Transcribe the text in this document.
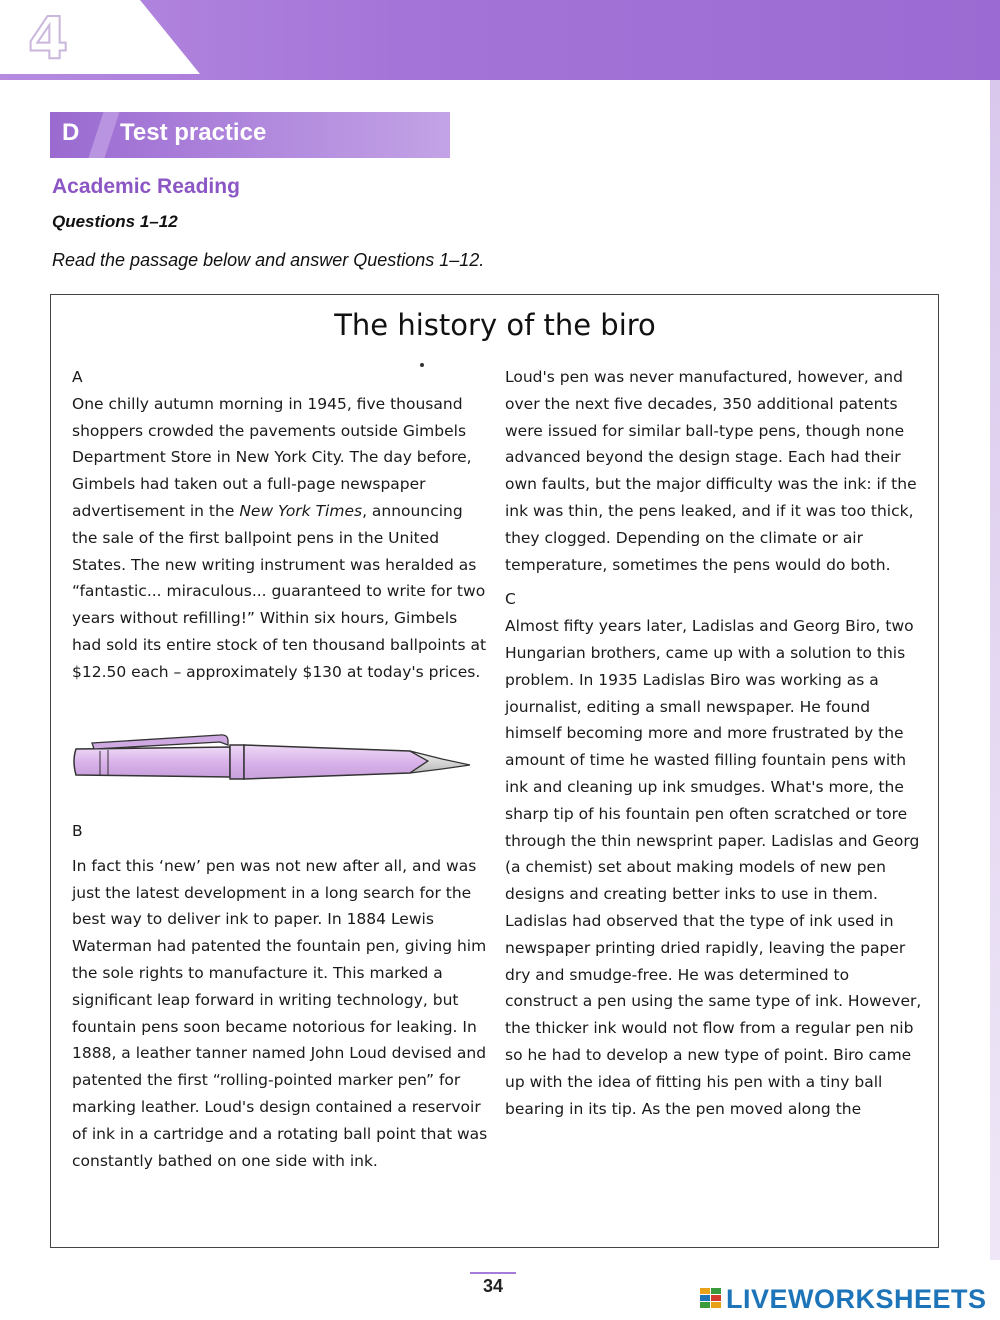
4
D Test practice
Academic Reading
Questions 1–12
Read the passage below and answer Questions 1–12.
The history of the biro
A

One chilly autumn morning in 1945, five thousand shoppers crowded the pavements outside Gimbels Department Store in New York City. The day before, Gimbels had taken out a full-page newspaper advertisement in the New York Times, announcing the sale of the first ballpoint pens in the United States. The new writing instrument was heralded as “fantastic... miraculous... guaranteed to write for two years without refilling!” Within six hours, Gimbels had sold its entire stock of ten thousand ballpoints at $12.50 each – approximately $130 at today's prices.

B

In fact this ‘new’ pen was not new after all, and was just the latest development in a long search for the best way to deliver ink to paper. In 1884 Lewis Waterman had patented the fountain pen, giving him the sole rights to manufacture it. This marked a significant leap forward in writing technology, but fountain pens soon became notorious for leaking. In 1888, a leather tanner named John Loud devised and patented the first “rolling-pointed marker pen” for marking leather. Loud's design contained a reservoir of ink in a cartridge and a rotating ball point that was constantly bathed on one side with ink.

Loud's pen was never manufactured, however, and over the next five decades, 350 additional patents were issued for similar ball-type pens, though none advanced beyond the design stage. Each had their own faults, but the major difficulty was the ink: if the ink was thin, the pens leaked, and if it was too thick, they clogged. Depending on the climate or air temperature, sometimes the pens would do both.

C

Almost fifty years later, Ladislas and Georg Biro, two Hungarian brothers, came up with a solution to this problem. In 1935 Ladislas Biro was working as a journalist, editing a small newspaper. He found himself becoming more and more frustrated by the amount of time he wasted filling fountain pens with ink and cleaning up ink smudges. What's more, the sharp tip of his fountain pen often scratched or tore through the thin newsprint paper. Ladislas and Georg (a chemist) set about making models of new pen designs and creating better inks to use in them. Ladislas had observed that the type of ink used in newspaper printing dried rapidly, leaving the paper dry and smudge-free. He was determined to construct a pen using the same type of ink. However, the thicker ink would not flow from a regular pen nib so he had to develop a new type of point. Biro came up with the idea of fitting his pen with a tiny ball bearing in its tip. As the pen moved along the

34	LIVEWORKSHEETS
